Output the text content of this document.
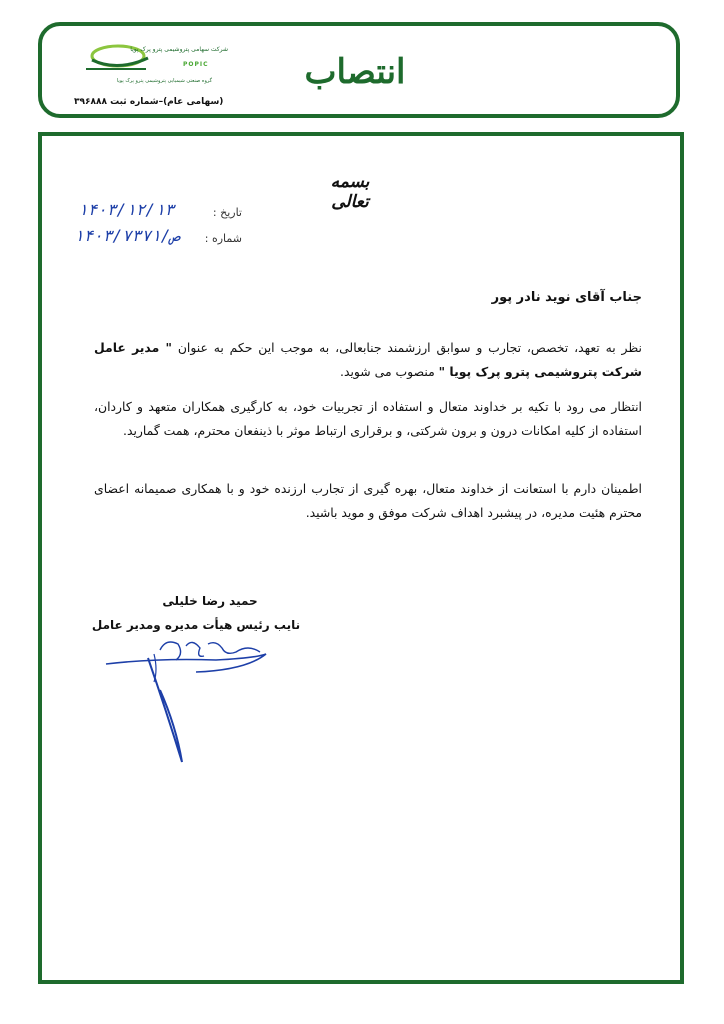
شرکت سهامی پتروشیمی پترو پرک پویا
POPIC
گروه صنعتی شیمیایی پتروشیمی پترو پرک پویا
(سهامی عام)–شماره ثبت ۳۹۶۸۸۸
انتصاب
بسمه تعالی
تاریخ :
۱۴۰۳/۱۲/۱۳
شماره :
۱۴۰۳/ص/۷۳۷۱
جناب آقای نوید نادر پور
نظر به تعهد، تخصص، تجارب و سوابق ارزشمند جنابعالی، به موجب این حکم به عنوان " مدیر عامل شرکت پتروشیمی پترو پرک پویا " منصوب می شوید.
انتظار می رود با تکیه بر خداوند متعال و استفاده از تجربیات خود، به کارگیری همکاران متعهد و کاردان، استفاده از کلیه امکانات درون و برون شرکتی، و برقراری ارتباط موثر با ذینفعان محترم، همت گمارید.
اطمینان دارم با استعانت از خداوند متعال، بهره گیری از تجارب ارزنده خود و با همکاری صمیمانه اعضای محترم هئیت مدیره، در پیشبرد اهداف شرکت موفق و موید باشید.
حمید رضا خلیلی
نایب رئیس هیأت مدیره ومدیر عامل
